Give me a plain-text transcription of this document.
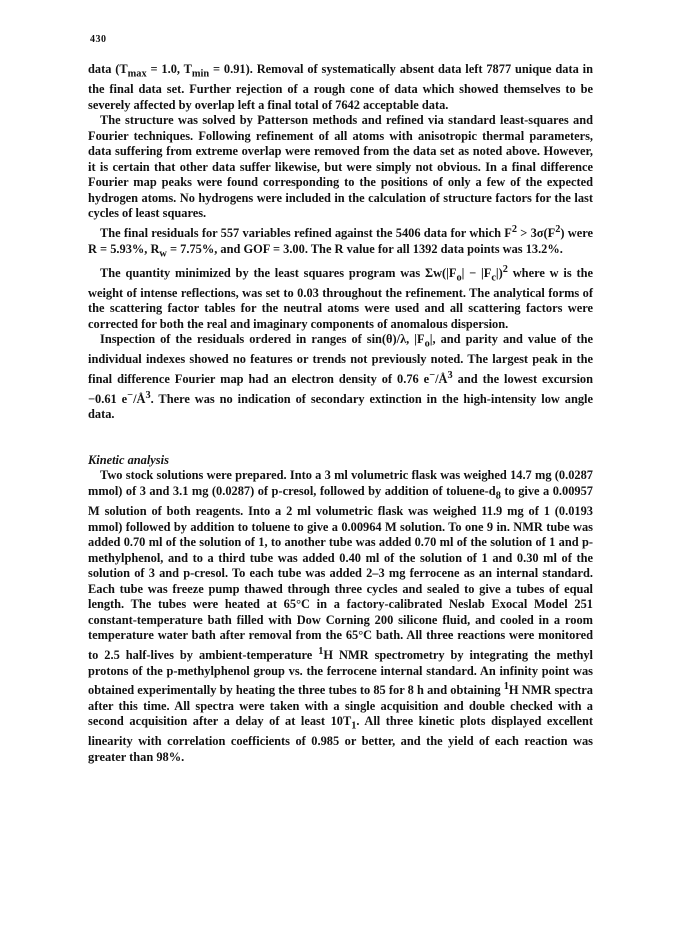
430

data ($T_{max} = 1.0$, $T_{min} = 0.91$). Removal of systematically absent data left 7877 unique data in the final data set. Further rejection of a rough cone of data which showed themselves to be severely affected by overlap left a final total of 7642 acceptable data.

The structure was solved by Patterson methods and refined via standard least-squares and Fourier techniques. Following refinement of all atoms with anisotropic thermal parameters, data suffering from extreme overlap were removed from the data set as noted above. However, it is certain that other data suffer likewise, but were simply not obvious. In a final difference Fourier map peaks were found corresponding to the positions of only a few of the expected hydrogen atoms. No hydrogens were included in the calculation of structure factors for the last cycles of least squares.

The final residuals for 557 variables refined against the 5406 data for which $F^2 > 3\sigma(F^2)$ were R = 5.93%, $R_w = 7.75\%$, and GOF = 3.00. The R value for all 1392 data points was 13.2%.

The quantity minimized by the least squares program was $\Sigma w(|F_o| - |F_c|)^2$ where w is the weight of intense reflections, was set to 0.03 throughout the refinement. The analytical forms of the scattering factor tables for the neutral atoms were used and all scattering factors were corrected for both the real and imaginary components of anomalous dispersion.

Inspection of the residuals ordered in ranges of sin(θ)/λ, $|F_o|$, and parity and value of the individual indexes showed no features or trends not previously noted. The largest peak in the final difference Fourier map had an electron density of 0.76 $e^-/Å^3$ and the lowest excursion −0.61 $e^-/Å^3$. There was no indication of secondary extinction in the high-intensity low angle data.

Kinetic analysis

Two stock solutions were prepared. Into a 3 ml volumetric flask was weighed 14.7 mg (0.0287 mmol) of 3 and 3.1 mg (0.0287) of p-cresol, followed by addition of toluene-$d_8$ to give a 0.00957 M solution of both reagents. Into a 2 ml volumetric flask was weighed 11.9 mg of 1 (0.0193 mmol) followed by addition to toluene to give a 0.00964 M solution. To one 9 in. NMR tube was added 0.70 ml of the solution of 1, to another tube was added 0.70 ml of the solution of 1 and p-methylphenol, and to a third tube was added 0.40 ml of the solution of 1 and 0.30 ml of the solution of 3 and p-cresol. To each tube was added 2–3 mg ferrocene as an internal standard. Each tube was freeze pump thawed through three cycles and sealed to give a tubes of equal length. The tubes were heated at 65°C in a factory-calibrated Neslab Exocal Model 251 constant-temperature bath filled with Dow Corning 200 silicone fluid, and cooled in a room temperature water bath after removal from the 65°C bath. All three reactions were monitored to 2.5 half-lives by ambient-temperature $^1$H NMR spectrometry by integrating the methyl protons of the p-methylphenol group vs. the ferrocene internal standard. An infinity point was obtained experimentally by heating the three tubes to 85 for 8 h and obtaining $^1$H NMR spectra after this time. All spectra were taken with a single acquisition and double checked with a second acquisition after a delay of at least $10T_1$. All three kinetic plots displayed excellent linearity with correlation coefficients of 0.985 or better, and the yield of each reaction was greater than 98%.
